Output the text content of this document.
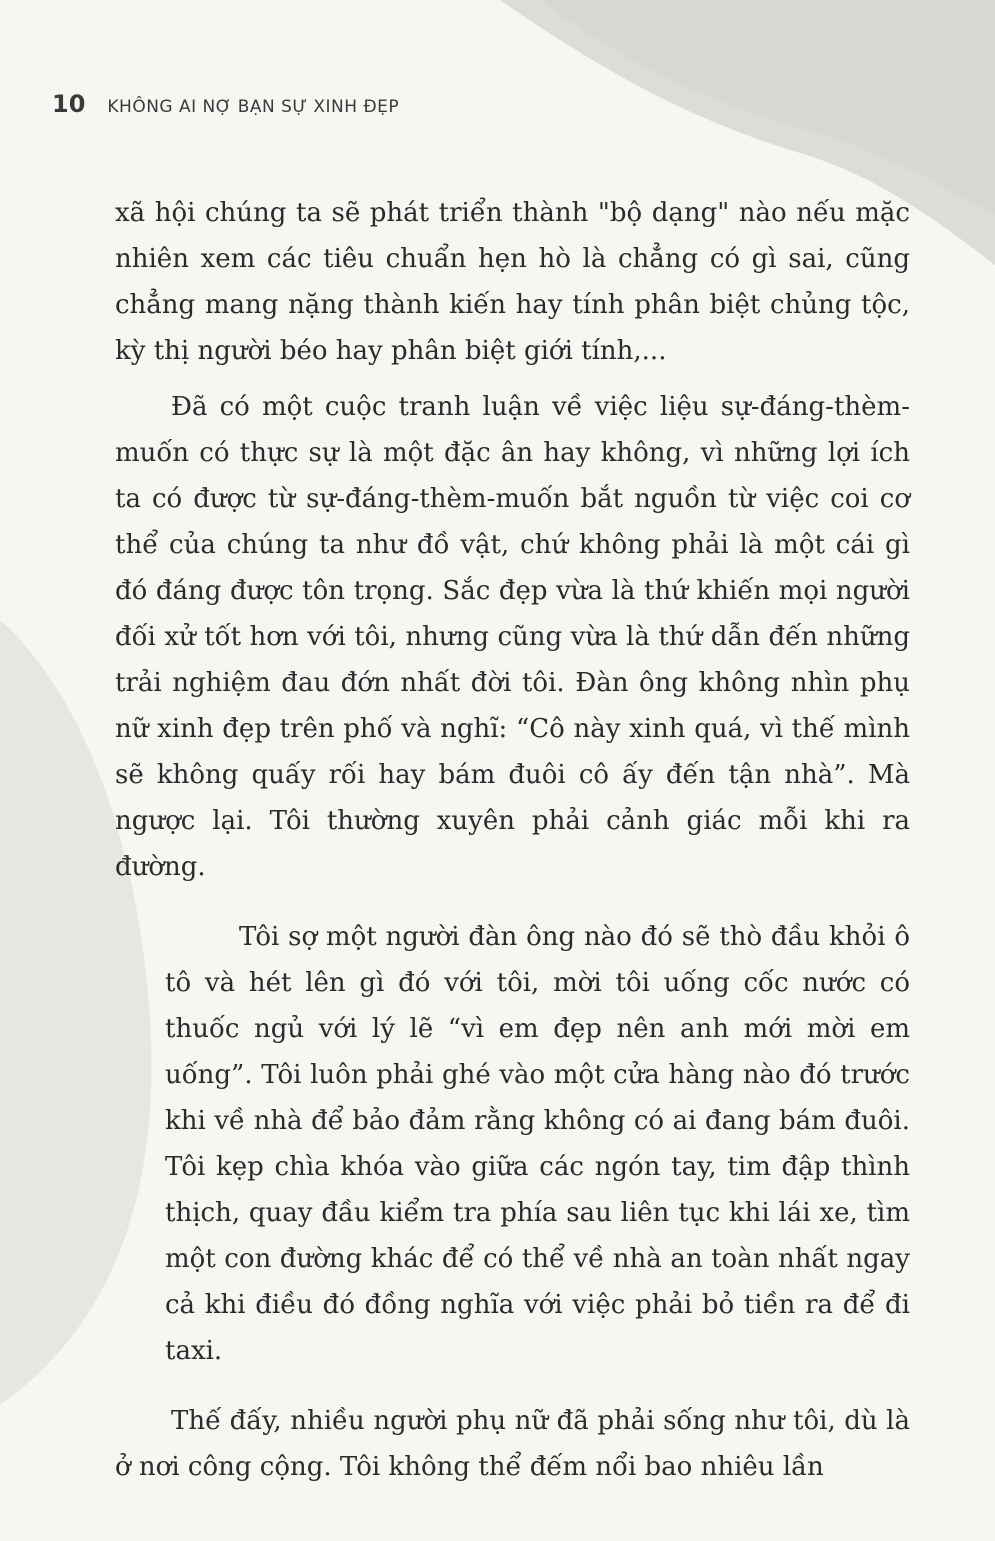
10 KHÔNG AI NỢ BẠN SỰ XINH ĐẸP

xã hội chúng ta sẽ phát triển thành "bộ dạng" nào nếu mặc nhiên xem các tiêu chuẩn hẹn hò là chẳng có gì sai, cũng chẳng mang nặng thành kiến hay tính phân biệt chủng tộc, kỳ thị người béo hay phân biệt giới tính,...

Đã có một cuộc tranh luận về việc liệu sự-đáng-thèm-muốn có thực sự là một đặc ân hay không, vì những lợi ích ta có được từ sự-đáng-thèm-muốn bắt nguồn từ việc coi cơ thể của chúng ta như đồ vật, chứ không phải là một cái gì đó đáng được tôn trọng. Sắc đẹp vừa là thứ khiến mọi người đối xử tốt hơn với tôi, nhưng cũng vừa là thứ dẫn đến những trải nghiệm đau đớn nhất đời tôi. Đàn ông không nhìn phụ nữ xinh đẹp trên phố và nghĩ: “Cô này xinh quá, vì thế mình sẽ không quấy rối hay bám đuôi cô ấy đến tận nhà”. Mà ngược lại. Tôi thường xuyên phải cảnh giác mỗi khi ra đường.

Tôi sợ một người đàn ông nào đó sẽ thò đầu khỏi ô tô và hét lên gì đó với tôi, mời tôi uống cốc nước có thuốc ngủ với lý lẽ “vì em đẹp nên anh mới mời em uống”. Tôi luôn phải ghé vào một cửa hàng nào đó trước khi về nhà để bảo đảm rằng không có ai đang bám đuôi. Tôi kẹp chìa khóa vào giữa các ngón tay, tim đập thình thịch, quay đầu kiểm tra phía sau liên tục khi lái xe, tìm một con đường khác để có thể về nhà an toàn nhất ngay cả khi điều đó đồng nghĩa với việc phải bỏ tiền ra để đi taxi.

Thế đấy, nhiều người phụ nữ đã phải sống như tôi, dù là ở nơi công cộng. Tôi không thể đếm nổi bao nhiêu lần
